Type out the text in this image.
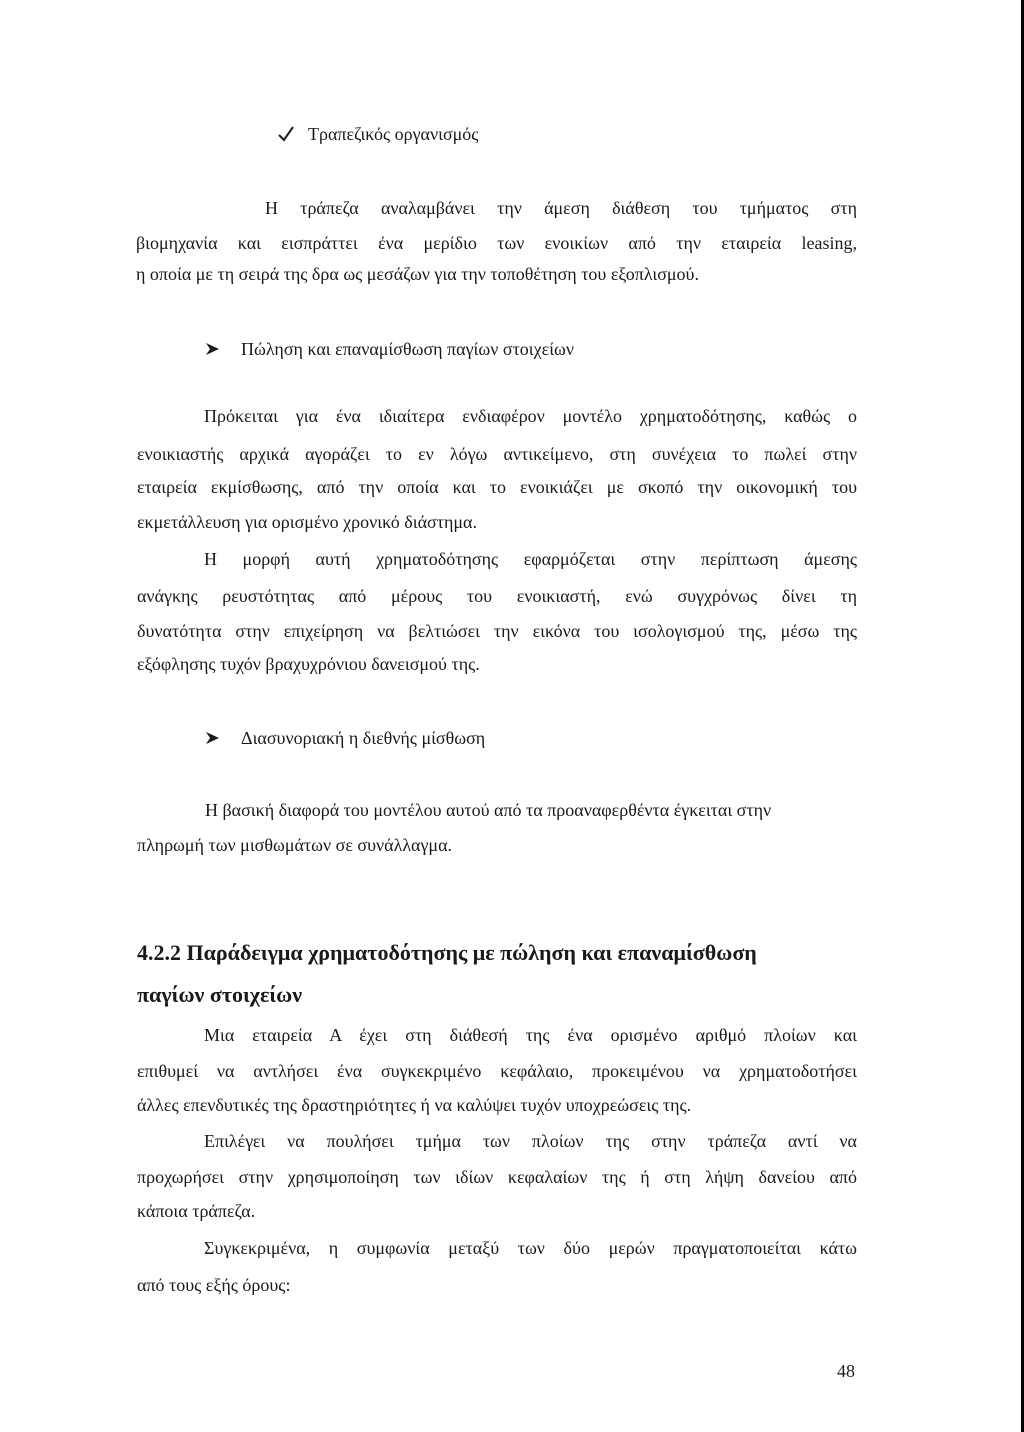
Τραπεζικός οργανισμός
Η τράπεζα αναλαμβάνει την άμεση διάθεση του τμήματος στη
βιομηχανία και εισπράττει ένα μερίδιο των ενοικίων από την εταιρεία leasing,
η οποία με τη σειρά της δρα ως μεσάζων για την τοποθέτηση του εξοπλισμού.
Πώληση και επαναμίσθωση παγίων στοιχείων
Πρόκειται για ένα ιδιαίτερα ενδιαφέρον μοντέλο χρηματοδότησης, καθώς ο
ενοικιαστής αρχικά αγοράζει το εν λόγω αντικείμενο, στη συνέχεια το πωλεί στην
εταιρεία εκμίσθωσης, από την οποία και το ενοικιάζει με σκοπό την οικονομική του
εκμετάλλευση για ορισμένο χρονικό διάστημα.
Η μορφή αυτή χρηματοδότησης εφαρμόζεται στην περίπτωση άμεσης
ανάγκης ρευστότητας από μέρους του ενοικιαστή, ενώ συγχρόνως δίνει τη
δυνατότητα στην επιχείρηση να βελτιώσει την εικόνα του ισολογισμού της, μέσω της
εξόφλησης τυχόν βραχυχρόνιου δανεισμού της.
Διασυνοριακή η διεθνής μίσθωση
Η βασική διαφορά του μοντέλου αυτού από τα προαναφερθέντα έγκειται στην
πληρωμή των μισθωμάτων σε συνάλλαγμα.
4.2.2 Παράδειγμα χρηματοδότησης με πώληση και επαναμίσθωση
παγίων στοιχείων
Μια εταιρεία Α έχει στη διάθεσή της ένα ορισμένο αριθμό πλοίων και
επιθυμεί να αντλήσει ένα συγκεκριμένο κεφάλαιο, προκειμένου να χρηματοδοτήσει
άλλες επενδυτικές της δραστηριότητες ή να καλύψει τυχόν υποχρεώσεις της.
Επιλέγει να πουλήσει τμήμα των πλοίων της στην τράπεζα αντί να
προχωρήσει στην χρησιμοποίηση των ιδίων κεφαλαίων της ή στη λήψη δανείου από
κάποια τράπεζα.
Συγκεκριμένα, η συμφωνία μεταξύ των δύο μερών πραγματοποιείται κάτω
από τους εξής όρους:
48
